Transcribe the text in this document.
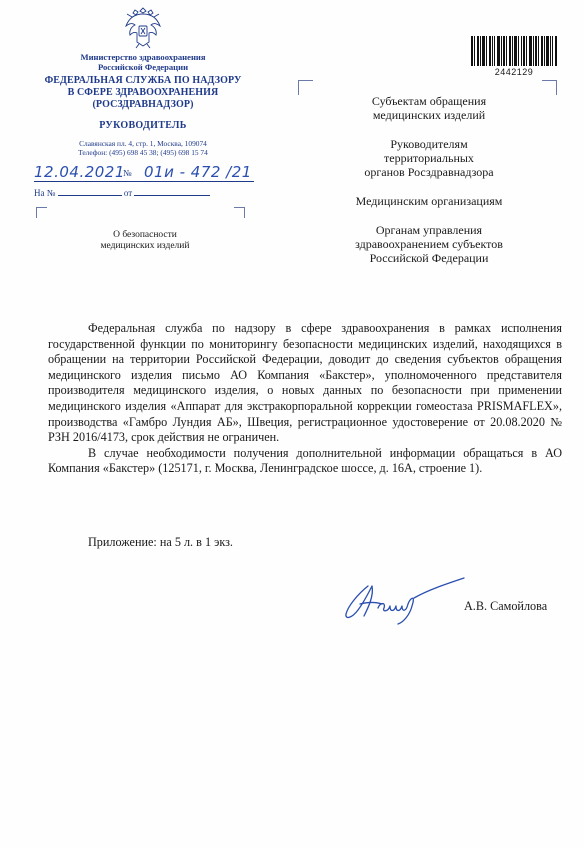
Министерство здравоохранения
Российской Федерации
ФЕДЕРАЛЬНАЯ СЛУЖБА ПО НАДЗОРУ
В СФЕРЕ ЗДРАВООХРАНЕНИЯ
(РОСЗДРАВНАДЗОР)
РУКОВОДИТЕЛЬ
Славянская пл. 4, стр. 1, Москва, 109074
Телефон: (495) 698 45 38; (495) 698 15 74
12.04.2021
№ 01и - 472 /21
На №	от
О безопасности
медицинских изделий
2442129
Субъектам обращения
медицинских изделий
Руководителям
территориальных
органов Росздравнадзора
Медицинским организациям
Органам управления
здравоохранением субъектов
Российской Федерации

Федеральная служба по надзору в сфере здравоохранения в рамках исполнения государственной функции по мониторингу безопасности медицинских изделий, находящихся в обращении на территории Российской Федерации, доводит до сведения субъектов обращения медицинского изделия письмо АО Компания «Бакстер», уполномоченного представителя производителя медицинского изделия, о новых данных по безопасности при применении медицинского изделия «Аппарат для экстракорпоральной коррекции гомеостаза PRISMAFLEX», производства «Гамбро Лундия АБ», Швеция, регистрационное удостоверение от 20.08.2020 № РЗН 2016/4173, срок действия не ограничен.

В случае необходимости получения дополнительной информации обращаться в АО Компания «Бакстер» (125171, г. Москва, Ленинградское шоссе, д. 16А, строение 1).

Приложение: на 5 л. в 1 экз.
А.В. Самойлова
